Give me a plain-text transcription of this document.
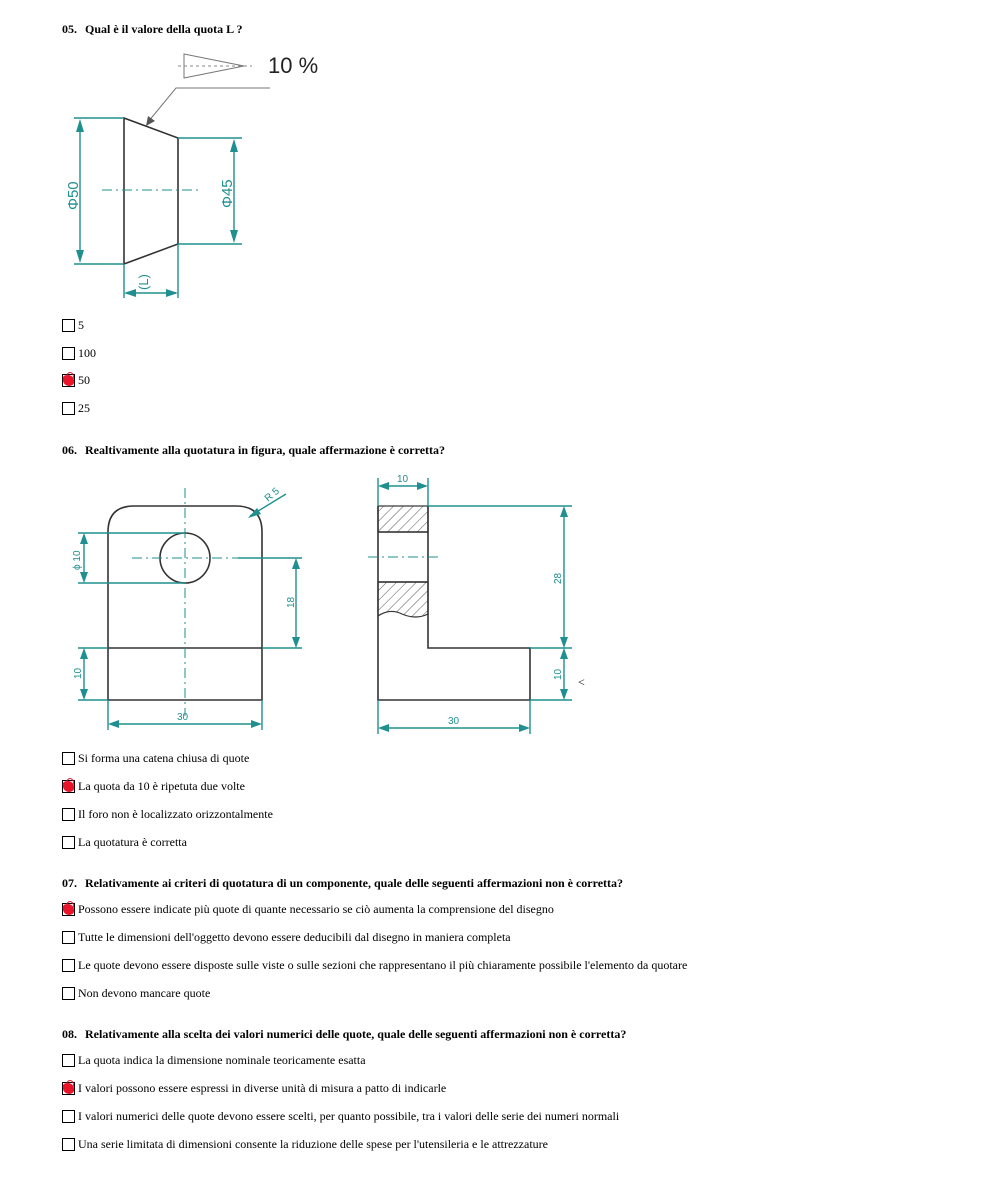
05. Qual è il valore della quota L ?
10 %
Φ50	Φ45
(L)
5
100
50
25
06. Realtivamente alla quotatura in figura, quale affermazione è corretta?
R 5
ϕ 10
18
10
30
10
28
10
30
<
Si forma una catena chiusa di quote
La quota da 10 è ripetuta due volte
Il foro non è localizzato orizzontalmente
La quotatura è corretta
07. Relativamente ai criteri di quotatura di un componente, quale delle seguenti affermazioni non è corretta?
Possono essere indicate più quote di quante necessario se ciò aumenta la comprensione del disegno
Tutte le dimensioni dell'oggetto devono essere deducibili dal disegno in maniera completa
Le quote devono essere disposte sulle viste o sulle sezioni che rappresentano il più chiaramente possibile l'elemento da quotare
Non devono mancare quote
08. Relativamente alla scelta dei valori numerici delle quote, quale delle seguenti affermazioni non è corretta?
La quota indica la dimensione nominale teoricamente esatta
I valori possono essere espressi in diverse unità di misura a patto di indicarle
I valori numerici delle quote devono essere scelti, per quanto possibile, tra i valori delle serie dei numeri normali
Una serie limitata di dimensioni consente la riduzione delle spese per l'utensileria e le attrezzature
